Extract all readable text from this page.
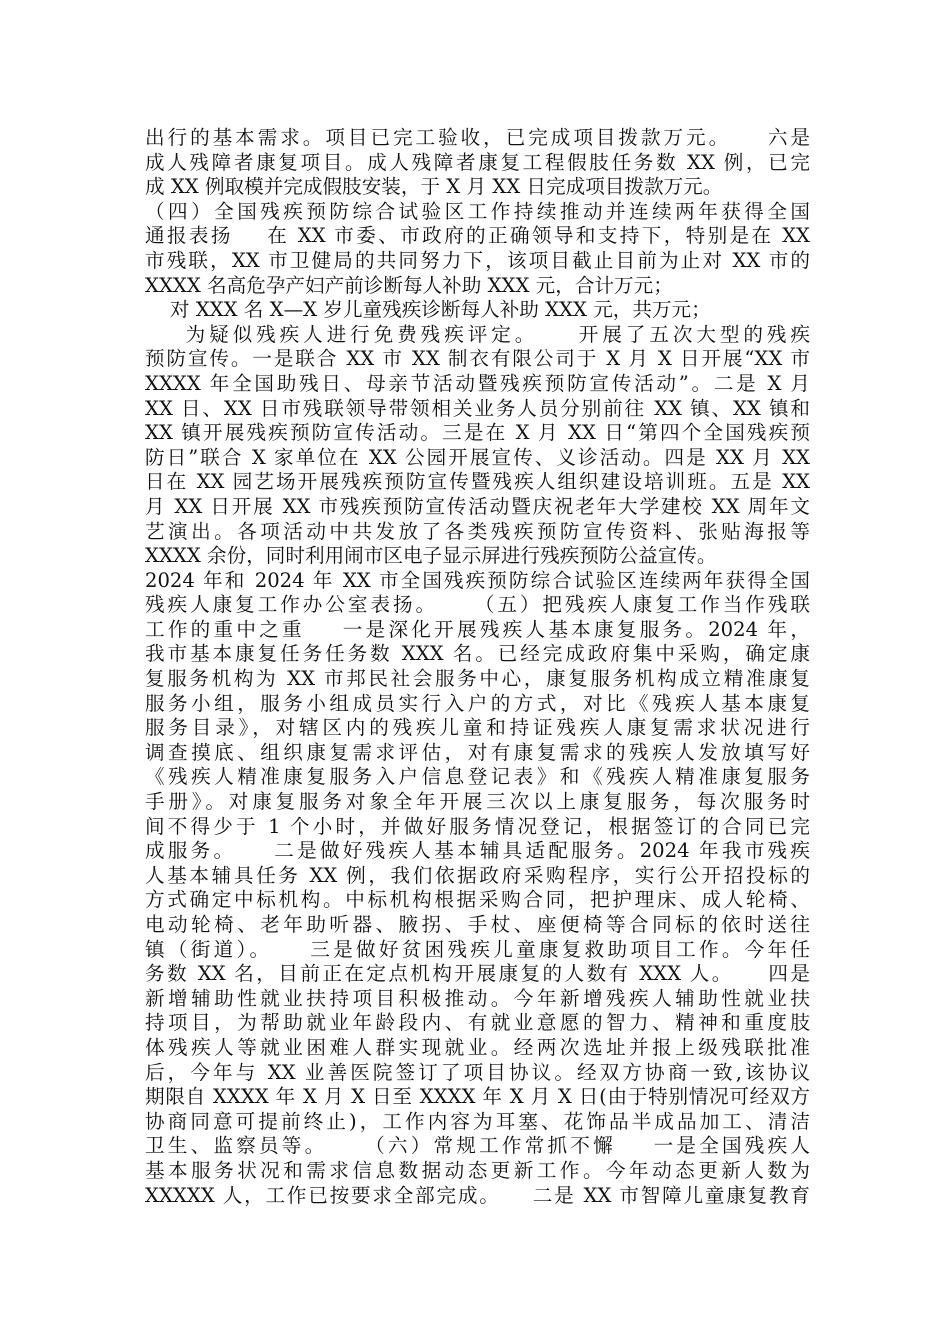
出行的基本需求。项目已完工验收，已完成项目拨款万元。    六是
成人残障者康复项目。成人残障者康复工程假肢任务数 XX 例，已完
成 XX 例取模并完成假肢安装，于 X 月 XX 日完成项目拨款万元。
（四）全国残疾预防综合试验区工作持续推动并连续两年获得全国
通报表扬    在 XX 市委、市政府的正确领导和支持下，特别是在 XX
市残联，XX 市卫健局的共同努力下，该项目截止目前为止对 XX 市的
XXXX 名高危孕产妇产前诊断每人补助 XXX 元，合计万元；
对 XXX 名 X—X 岁儿童残疾诊断每人补助 XXX 元，共万元；
为疑似残疾人进行免费残疾评定。    开展了五次大型的残疾
预防宣传。一是联合 XX 市 XX 制衣有限公司于 X 月 X 日开展“XX 市
XXXX 年全国助残日、母亲节活动暨残疾预防宣传活动”。二是 X 月
XX 日、XX 日市残联领导带领相关业务人员分别前往 XX 镇、XX 镇和
XX 镇开展残疾预防宣传活动。三是在 X 月 XX 日“第四个全国残疾预
防日”联合 X 家单位在 XX 公园开展宣传、义诊活动。四是 XX 月 XX
日在 XX 园艺场开展残疾预防宣传暨残疾人组织建设培训班。五是 XX
月 XX 日开展 XX 市残疾预防宣传活动暨庆祝老年大学建校 XX 周年文
艺演出。各项活动中共发放了各类残疾预防宣传资料、张贴海报等
XXXX 余份，同时利用闹市区电子显示屏进行残疾预防公益宣传。
2024 年和 2024 年 XX 市全国残疾预防综合试验区连续两年获得全国
残疾人康复工作办公室表扬。    （五）把残疾人康复工作当作残联
工作的重中之重    一是深化开展残疾人基本康复服务。2024 年，
我市基本康复任务任务数 XXX 名。已经完成政府集中采购，确定康
复服务机构为 XX 市邦民社会服务中心，康复服务机构成立精准康复
服务小组，服务小组成员实行入户的方式，对比《残疾人基本康复
服务目录》，对辖区内的残疾儿童和持证残疾人康复需求状况进行
调查摸底、组织康复需求评估，对有康复需求的残疾人发放填写好
《残疾人精准康复服务入户信息登记表》和《残疾人精准康复服务
手册》。对康复服务对象全年开展三次以上康复服务，每次服务时
间不得少于 1 个小时，并做好服务情况登记，根据签订的合同已完
成服务。    二是做好残疾人基本辅具适配服务。2024 年我市残疾
人基本辅具任务 XX 例，我们依据政府采购程序，实行公开招投标的
方式确定中标机构。中标机构根据采购合同，把护理床、成人轮椅、
电动轮椅、老年助听器、腋拐、手杖、座便椅等合同标的依时送往
镇（街道）。    三是做好贫困残疾儿童康复救助项目工作。今年任
务数 XX 名，目前正在定点机构开展康复的人数有 XXX 人。    四是
新增辅助性就业扶持项目积极推动。今年新增残疾人辅助性就业扶
持项目，为帮助就业年龄段内、有就业意愿的智力、精神和重度肢
体残疾人等就业困难人群实现就业。经两次选址并报上级残联批准
后，今年与 XX 业善医院签订了项目协议。经双方协商一致,该协议
期限自 XXXX 年 X 月 X 日至 XXXX 年 X 月 X 日(由于特别情况可经双方
协商同意可提前终止)，工作内容为耳塞、花饰品半成品加工、清洁
卫生、监察员等。    （六）常规工作常抓不懈    一是全国残疾人
基本服务状况和需求信息数据动态更新工作。今年动态更新人数为
XXXXX 人，工作已按要求全部完成。    二是 XX 市智障儿童康复教育
